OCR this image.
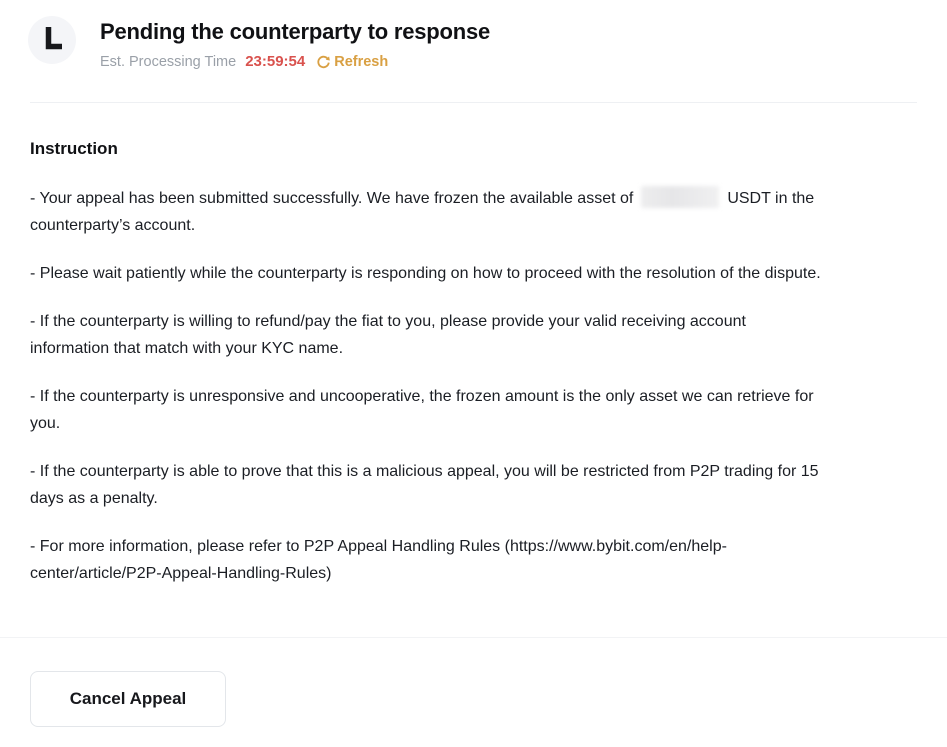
Pending the counterparty to response
Est. Processing Time 23:59:54 Refresh
Instruction
- Your appeal has been submitted successfully. We have frozen the available asset of	USDT in the
counterparty’s account.
- Please wait patiently while the counterparty is responding on how to proceed with the resolution of the dispute.
- If the counterparty is willing to refund/pay the fiat to you, please provide your valid receiving account
information that match with your KYC name.
- If the counterparty is unresponsive and uncooperative, the frozen amount is the only asset we can retrieve for
you.
- If the counterparty is able to prove that this is a malicious appeal, you will be restricted from P2P trading for 15
days as a penalty.
- For more information, please refer to P2P Appeal Handling Rules (https://www.bybit.com/en/help-
center/article/P2P-Appeal-Handling-Rules)
Cancel Appeal
